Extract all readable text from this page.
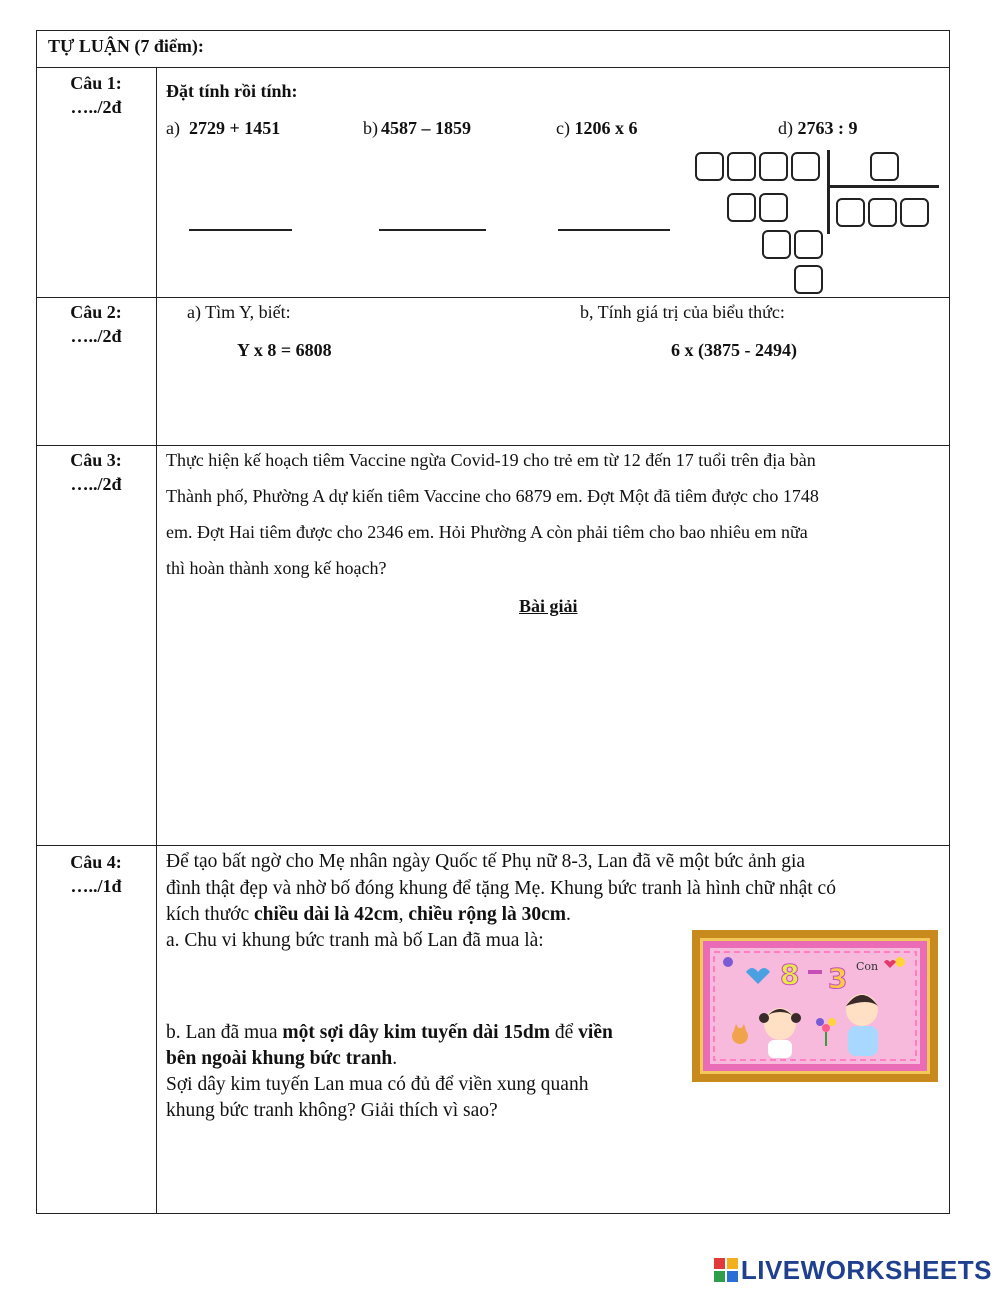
TỰ LUẬN (7 điểm):
Câu 1:
…../2đ
Đặt tính rồi tính:
a) 2729 + 1451	b) 4587 – 1859	c) 1206 x 6	d) 2763 : 9
Câu 2:
…../2đ
a) Tìm Y, biết:
Y x 8 = 6808
b, Tính giá trị của biểu thức:
6 x (3875 - 2494)
Câu 3:
…../2đ
Thực hiện kế hoạch tiêm Vaccine ngừa Covid-19 cho trẻ em từ 12 đến 17 tuổi trên địa bàn
Thành phố, Phường A dự kiến tiêm Vaccine cho 6879 em. Đợt Một đã tiêm được cho 1748
em. Đợt Hai tiêm được cho 2346 em. Hỏi Phường A còn phải tiêm cho bao nhiêu em nữa
thì hoàn thành xong kế hoạch?
Bài giải
Câu 4:
…../1đ
Để tạo bất ngờ cho Mẹ nhân ngày Quốc tế Phụ nữ 8-3, Lan đã vẽ một bức ảnh gia
đình thật đẹp và nhờ bố đóng khung để tặng Mẹ. Khung bức tranh là hình chữ nhật có
kích thước chiều dài là 42cm, chiều rộng là 30cm.
a. Chu vi khung bức tranh mà bố Lan đã mua là:
b. Lan đã mua một sợi dây kim tuyến dài 15dm để viền
bên ngoài khung bức tranh.
Sợi dây kim tuyến Lan mua có đủ để viền xung quanh
khung bức tranh không? Giải thích vì sao?
8 3 Con
LIVEWORKSHEETS
